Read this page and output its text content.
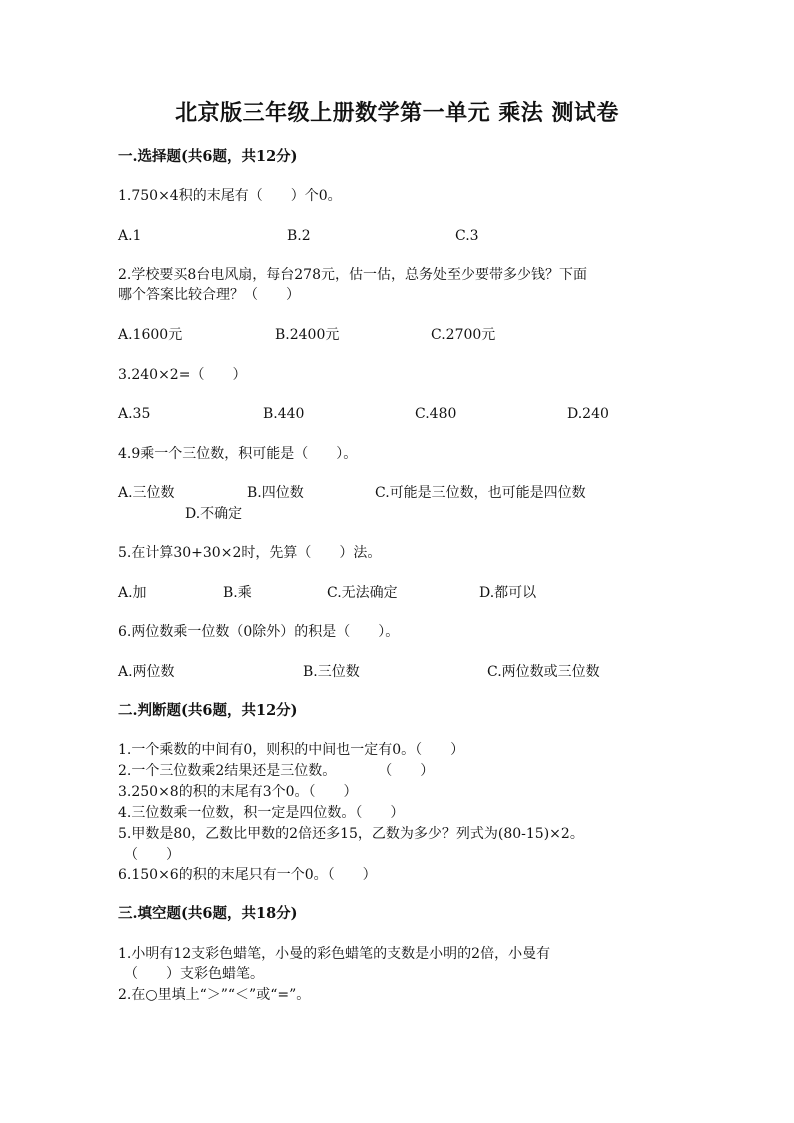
北京版三年级上册数学第一单元 乘法 测试卷
一.选择题(共6题，共12分)
1.750×4积的末尾有（　　）个0。
A.1	B.2	C.3
2.学校要买8台电风扇，每台278元，估一估，总务处至少要带多少钱？下面
哪个答案比较合理？（　　）
A.1600元	B.2400元	C.2700元
3.240×2=（　　）
A.35	B.440	C.480	D.240
4.9乘一个三位数，积可能是（　　）。
A.三位数	B.四位数	C.可能是三位数，也可能是四位数
D.不确定
5.在计算30+30×2时，先算（　　）法。
A.加	B.乘	C.无法确定	D.都可以
6.两位数乘一位数（0除外）的积是（　　）。
A.两位数	B.三位数	C.两位数或三位数
二.判断题(共6题，共12分)
1.一个乘数的中间有0，则积的中间也一定有0。（　　）
2.一个三位数乘2结果还是三位数。　　　　（　　）
3.250×8的积的末尾有3个0。（　　）
4.三位数乘一位数，积一定是四位数。（　　）
5.甲数是80，乙数比甲数的2倍还多15，乙数为多少？列式为(80-15)×2。
（　　）
6.150×6的积的末尾只有一个0。（　　）
三.填空题(共6题，共18分)
1.小明有12支彩色蜡笔，小曼的彩色蜡笔的支数是小明的2倍，小曼有
（　　）支彩色蜡笔。
2.在○里填上“＞”“＜”或“=”。
